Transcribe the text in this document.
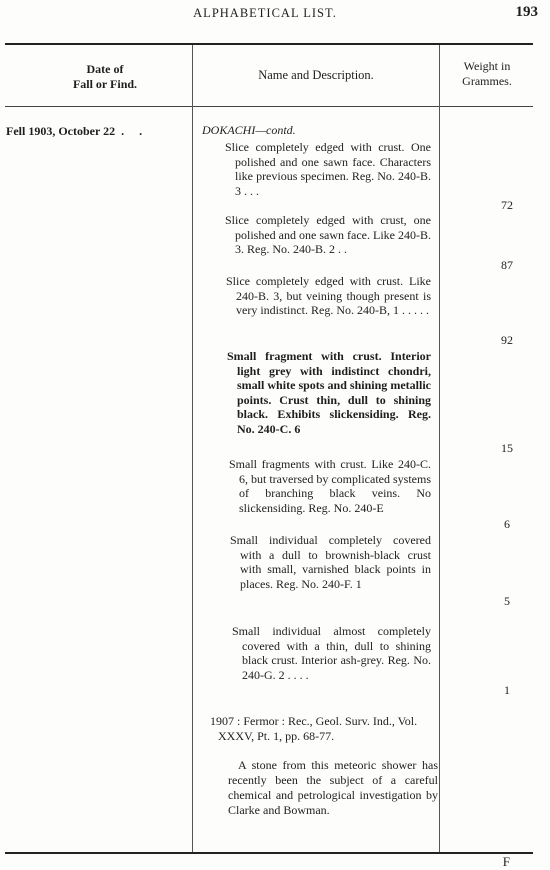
ALPHABETICAL LIST.	193
Date of
Fall or Find.
Name and Description.
Weight in
Grammes.
Fell 1903, October 22  .     .	DOKACHI—contd.
Slice completely edged with crust. One polished and one sawn face. Characters like previous specimen. Reg. No. 240-B. 3 . . .
72
Slice completely edged with crust, one polished and one sawn face. Like 240-B. 3. Reg. No. 240-B. 2 . .
87
Slice completely edged with crust. Like 240-B. 3, but veining though present is very indistinct. Reg. No. 240-B, 1 . . . . .
92
Small fragment with crust. Interior light grey with indistinct chondri, small white spots and shining metallic points. Crust thin, dull to shining black. Exhibits slickensiding. Reg. No. 240-C. 6
15
Small fragments with crust. Like 240-C. 6, but traversed by complicated systems of branching black veins. No slickensiding. Reg. No. 240-E
6
Small individual completely covered with a dull to brownish-black crust with small, varnished black points in places. Reg. No. 240-F. 1
5
Small individual almost completely covered with a thin, dull to shining black crust. Interior ash-grey. Reg. No. 240-G. 2 . . . .
1
1907 : Fermor : Rec., Geol. Surv. Ind., Vol. XXXV, Pt. 1, pp. 68-77.
A stone from this meteoric shower has recently been the subject of a careful chemical and petrological investigation by Clarke and Bowman.
F
